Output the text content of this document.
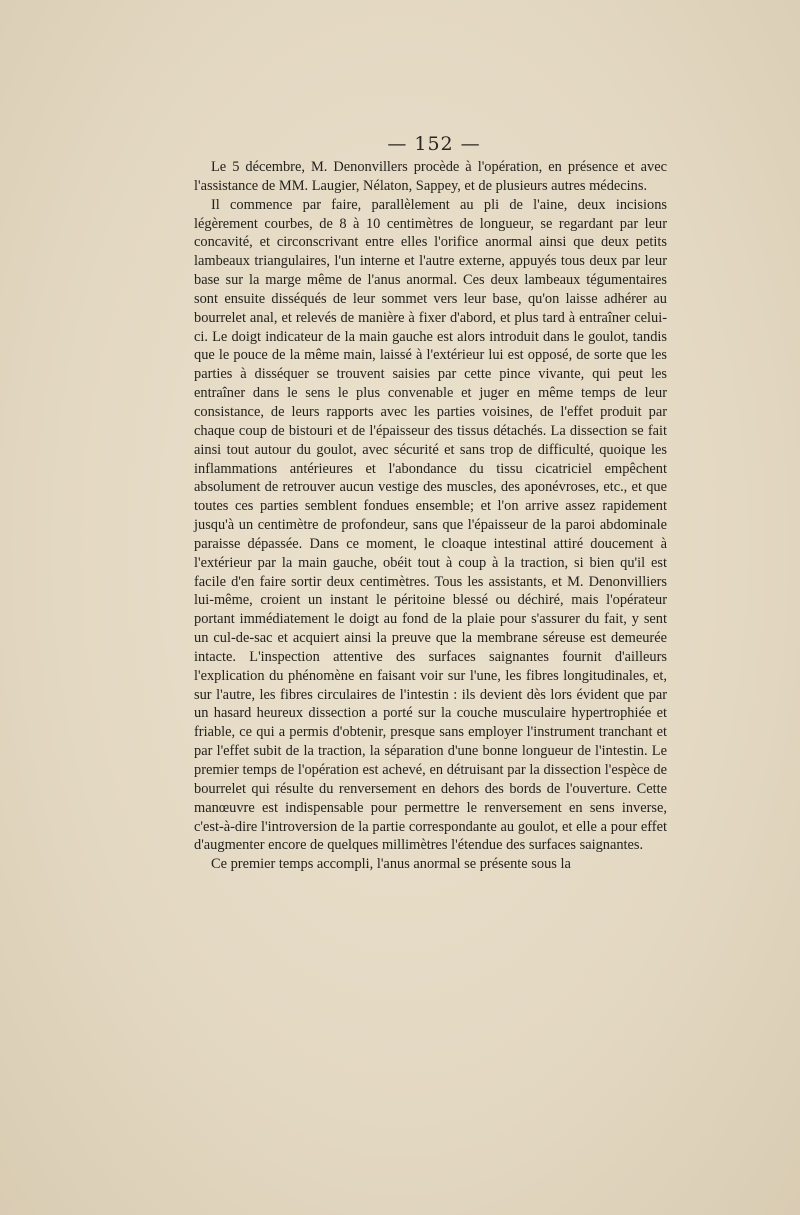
— 152 —

Le 5 décembre, M. Denonvillers procède à l'opération, en présence et avec l'assistance de MM. Laugier, Nélaton, Sappey, et de plusieurs autres médecins.

Il commence par faire, parallèlement au pli de l'aine, deux incisions légèrement courbes, de 8 à 10 centimètres de longueur, se regardant par leur concavité, et circonscrivant entre elles l'orifice anormal ainsi que deux petits lambeaux triangulaires, l'un interne et l'autre externe, appuyés tous deux par leur base sur la marge même de l'anus anormal. Ces deux lambeaux tégumentaires sont ensuite disséqués de leur sommet vers leur base, qu'on laisse adhérer au bourrelet anal, et relevés de manière à fixer d'abord, et plus tard à entraîner celui-ci. Le doigt indicateur de la main gauche est alors introduit dans le goulot, tandis que le pouce de la même main, laissé à l'extérieur lui est opposé, de sorte que les parties à disséquer se trouvent saisies par cette pince vivante, qui peut les entraîner dans le sens le plus convenable et juger en même temps de leur consistance, de leurs rapports avec les parties voisines, de l'effet produit par chaque coup de bistouri et de l'épaisseur des tissus détachés. La dissection se fait ainsi tout autour du goulot, avec sécurité et sans trop de difficulté, quoique les inflammations antérieures et l'abondance du tissu cicatriciel empêchent absolument de retrouver aucun vestige des muscles, des aponévroses, etc., et que toutes ces parties semblent fondues ensemble; et l'on arrive assez rapidement jusqu'à un centimètre de profondeur, sans que l'épaisseur de la paroi abdominale paraisse dépassée. Dans ce moment, le cloaque intestinal attiré doucement à l'extérieur par la main gauche, obéit tout à coup à la traction, si bien qu'il est facile d'en faire sortir deux centimètres. Tous les assistants, et M. Denonvilliers lui-même, croient un instant le péritoine blessé ou déchiré, mais l'opérateur portant immédiatement le doigt au fond de la plaie pour s'assurer du fait, y sent un cul-de-sac et acquiert ainsi la preuve que la membrane séreuse est demeurée intacte. L'inspection attentive des surfaces saignantes fournit d'ailleurs l'explication du phénomène en faisant voir sur l'une, les fibres longitudinales, et, sur l'autre, les fibres circulaires de l'intestin : ils devient dès lors évident que par un hasard heureux dissection a porté sur la couche musculaire hypertrophiée et friable, ce qui a permis d'obtenir, presque sans employer l'instrument tranchant et par l'effet subit de la traction, la séparation d'une bonne longueur de l'intestin. Le premier temps de l'opération est achevé, en détruisant par la dissection l'espèce de bourrelet qui résulte du renversement en dehors des bords de l'ouverture. Cette manœuvre est indispensable pour permettre le renversement en sens inverse, c'est-à-dire l'introversion de la partie correspondante au goulot, et elle a pour effet d'augmenter encore de quelques millimètres l'étendue des surfaces saignantes.

Ce premier temps accompli, l'anus anormal se présente sous la
